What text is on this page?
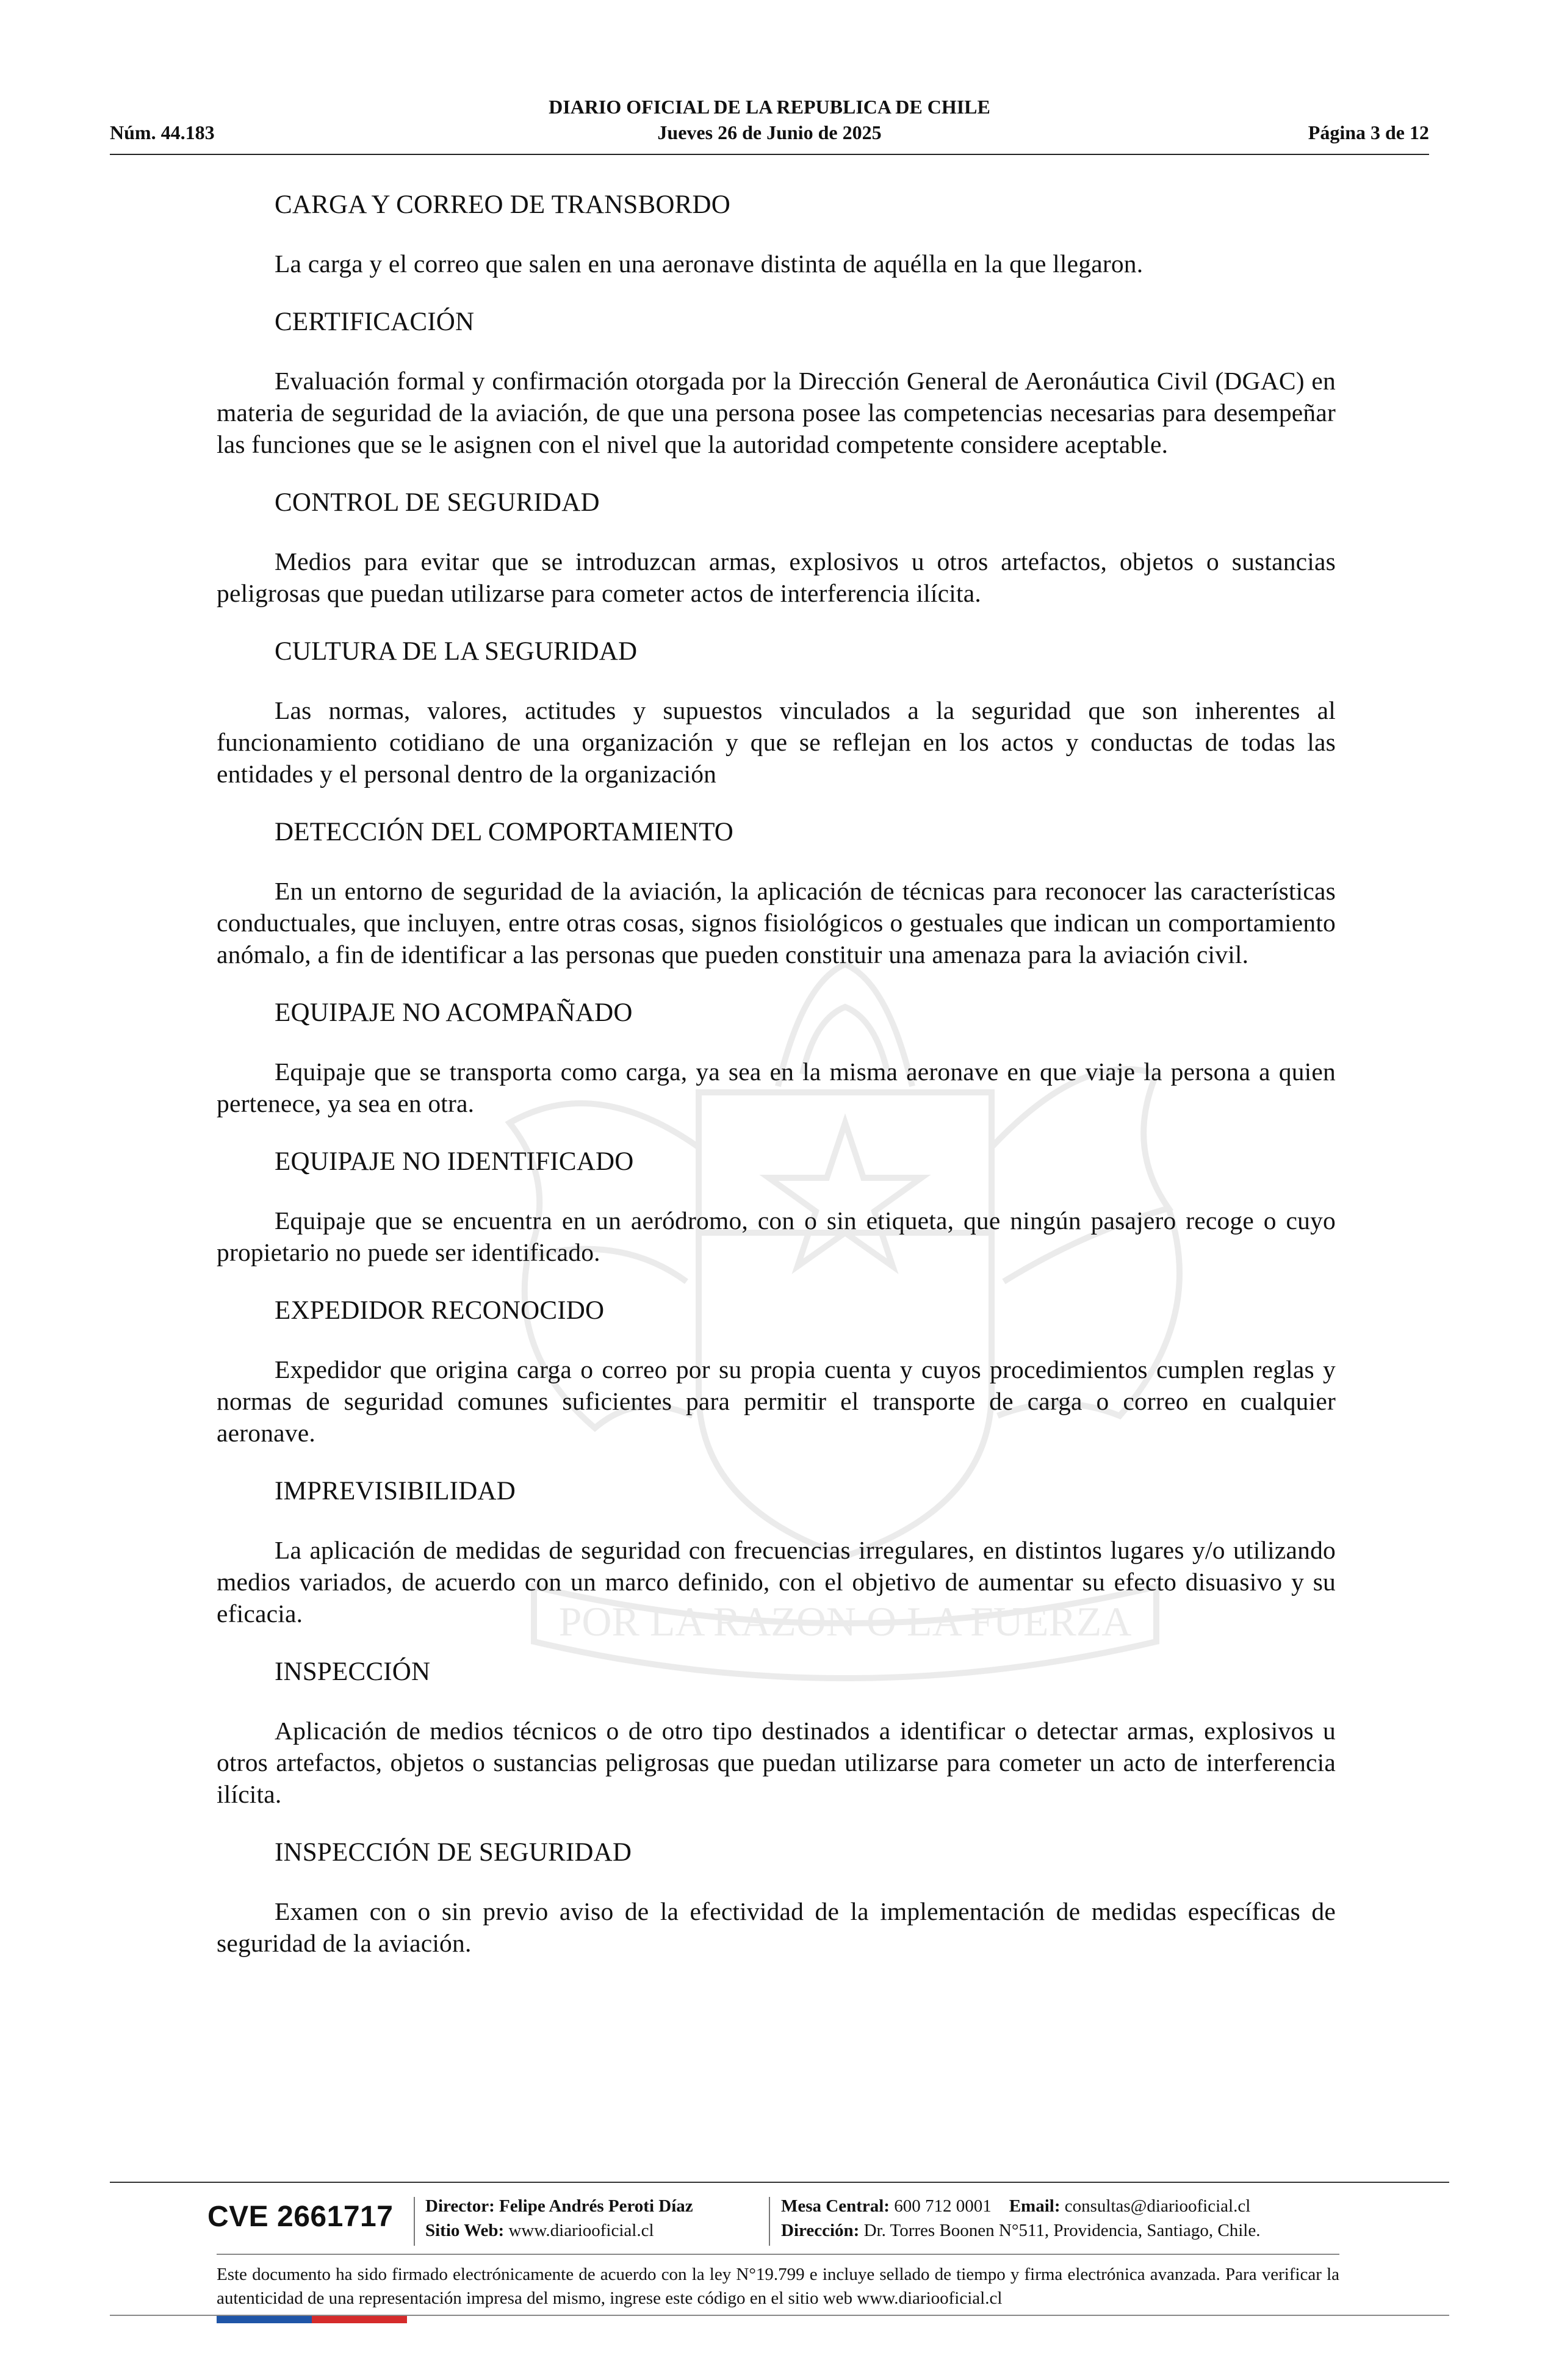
POR LA RAZON O LA FUERZA
DIARIO OFICIAL DE LA REPUBLICA DE CHILE
Núm. 44.183	Jueves 26 de Junio de 2025	Página 3 de 12

CARGA Y CORREO DE TRANSBORDO

La carga y el correo que salen en una aeronave distinta de aquélla en la que llegaron.

CERTIFICACIÓN

Evaluación formal y confirmación otorgada por la Dirección General de Aeronáutica Civil (DGAC) en materia de seguridad de la aviación, de que una persona posee las competencias necesarias para desempeñar las funciones que se le asignen con el nivel que la autoridad competente considere aceptable.

CONTROL DE SEGURIDAD

Medios para evitar que se introduzcan armas, explosivos u otros artefactos, objetos o sustancias peligrosas que puedan utilizarse para cometer actos de interferencia ilícita.

CULTURA DE LA SEGURIDAD

Las normas, valores, actitudes y supuestos vinculados a la seguridad que son inherentes al funcionamiento cotidiano de una organización y que se reflejan en los actos y conductas de todas las entidades y el personal dentro de la organización

DETECCIÓN DEL COMPORTAMIENTO

En un entorno de seguridad de la aviación, la aplicación de técnicas para reconocer las características conductuales, que incluyen, entre otras cosas, signos fisiológicos o gestuales que indican un comportamiento anómalo, a fin de identificar a las personas que pueden constituir una amenaza para la aviación civil.

EQUIPAJE NO ACOMPAÑADO

Equipaje que se transporta como carga, ya sea en la misma aeronave en que viaje la persona a quien pertenece, ya sea en otra.

EQUIPAJE NO IDENTIFICADO

Equipaje que se encuentra en un aeródromo, con o sin etiqueta, que ningún pasajero recoge o cuyo propietario no puede ser identificado.

EXPEDIDOR RECONOCIDO

Expedidor que origina carga o correo por su propia cuenta y cuyos procedimientos cumplen reglas y normas de seguridad comunes suficientes para permitir el transporte de carga o correo en cualquier aeronave.

IMPREVISIBILIDAD

La aplicación de medidas de seguridad con frecuencias irregulares, en distintos lugares y/o utilizando medios variados, de acuerdo con un marco definido, con el objetivo de aumentar su efecto disuasivo y su eficacia.

INSPECCIÓN

Aplicación de medios técnicos o de otro tipo destinados a identificar o detectar armas, explosivos u otros artefactos, objetos o sustancias peligrosas que puedan utilizarse para cometer un acto de interferencia ilícita.

INSPECCIÓN DE SEGURIDAD

Examen con o sin previo aviso de la efectividad de la implementación de medidas específicas de seguridad de la aviación.

CVE 2661717 Director: Felipe Andrés Peroti Díaz
Sitio Web: www.diariooficial.cl
Mesa Central: 600 712 0001 Email: consultas@diariooficial.cl
Dirección: Dr. Torres Boonen N°511, Providencia, Santiago, Chile.
Este documento ha sido firmado electrónicamente de acuerdo con la ley N°19.799 e incluye sellado de tiempo y firma electrónica avanzada. Para verificar la autenticidad de una representación impresa del mismo, ingrese este código en el sitio web www.diariooficial.cl
